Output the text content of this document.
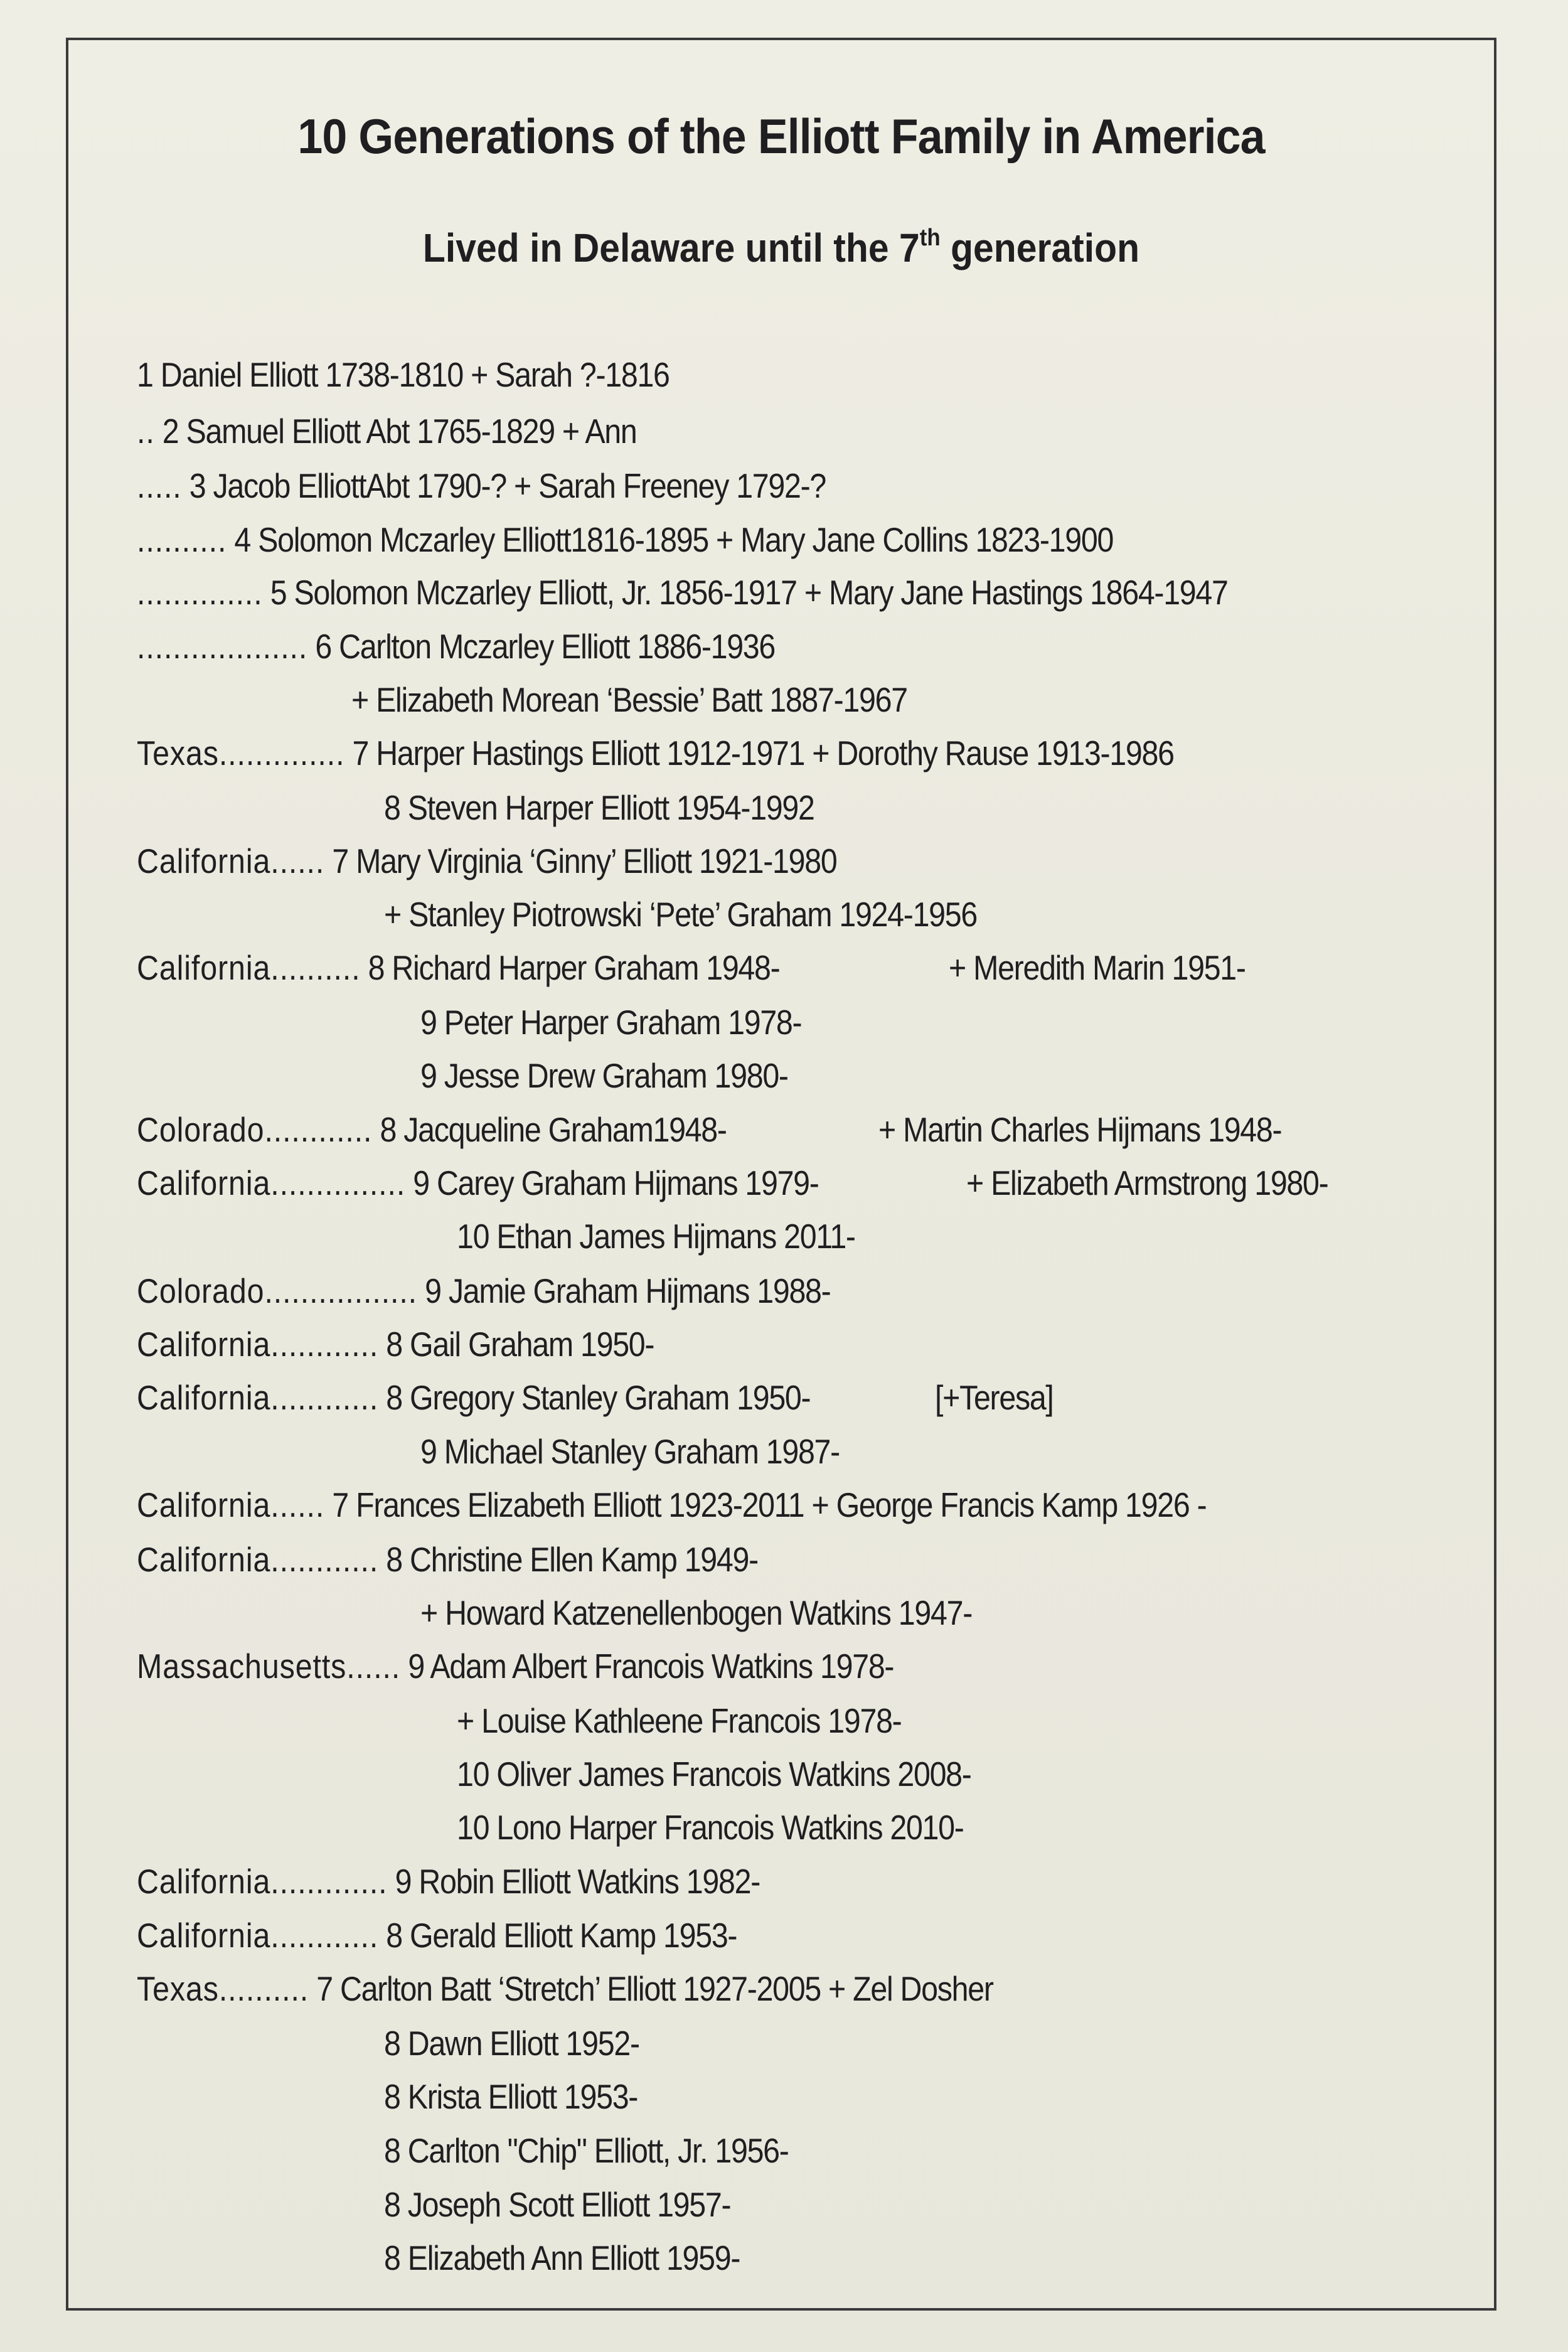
10 Generations of the Elliott Family in America
Lived in Delaware until the 7th generation
1 Daniel Elliott 1738-1810 + Sarah ?-1816
.. 2 Samuel Elliott Abt 1765-1829 + Ann
..... 3 Jacob ElliottAbt 1790-? + Sarah Freeney 1792-?
.......... 4 Solomon Mczarley Elliott1816-1895 + Mary Jane Collins 1823-1900
.............. 5 Solomon Mczarley Elliott, Jr. 1856-1917 + Mary Jane Hastings 1864-1947
................... 6 Carlton Mczarley Elliott 1886-1936
+ Elizabeth Morean ‘Bessie’ Batt 1887-1967
Texas.............. 7 Harper Hastings Elliott 1912-1971 + Dorothy Rause 1913-1986
8 Steven Harper Elliott 1954-1992
California...... 7 Mary Virginia ‘Ginny’ Elliott 1921-1980
+ Stanley Piotrowski ‘Pete’ Graham 1924-1956
California.......... 8 Richard Harper Graham 1948-	+ Meredith Marin 1951-
9 Peter Harper Graham 1978-
9 Jesse Drew Graham 1980-
Colorado............ 8 Jacqueline Graham1948-	+ Martin Charles Hijmans 1948-
California............... 9 Carey Graham Hijmans 1979-	+ Elizabeth Armstrong 1980-
10 Ethan James Hijmans 2011-
Colorado................. 9 Jamie Graham Hijmans 1988-
California............ 8 Gail Graham 1950-
California............ 8 Gregory Stanley Graham 1950-	[+Teresa]
9 Michael Stanley Graham 1987-
California...... 7 Frances Elizabeth Elliott 1923-2011 + George Francis Kamp 1926 -
California............ 8 Christine Ellen Kamp 1949-
+ Howard Katzenellenbogen Watkins 1947-
Massachusetts...... 9 Adam Albert Francois Watkins 1978-
+ Louise Kathleene Francois 1978-
10 Oliver James Francois Watkins 2008-
10 Lono Harper Francois Watkins 2010-
California............. 9 Robin Elliott Watkins 1982-
California............ 8 Gerald Elliott Kamp 1953-
Texas.......... 7 Carlton Batt ‘Stretch’ Elliott 1927-2005 + Zel Dosher
8 Dawn Elliott 1952-
8 Krista Elliott 1953-
8 Carlton "Chip" Elliott, Jr. 1956-
8 Joseph Scott Elliott 1957-
8 Elizabeth Ann Elliott 1959-
